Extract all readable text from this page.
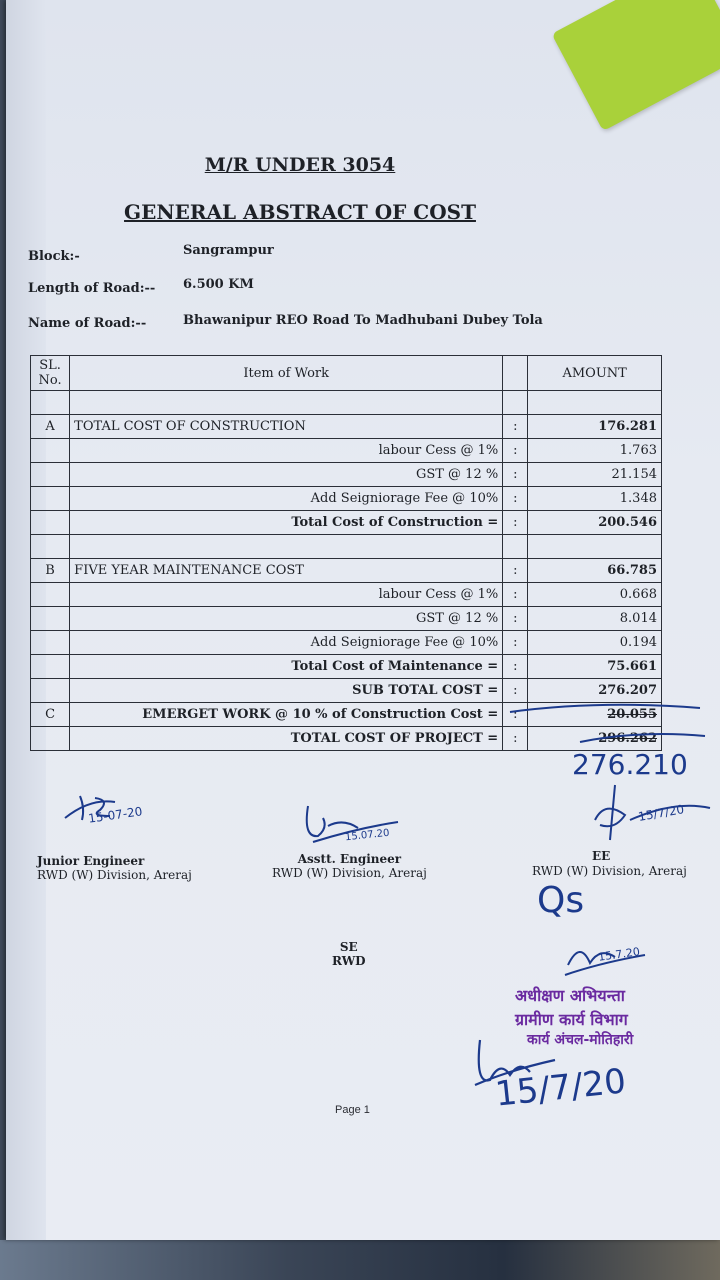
M/R UNDER 3054
GENERAL ABSTRACT OF COST
Block:-	Sangrampur
Length of Road:-- 6.500 KM
Name of Road:--	Bhawanipur REO Road To Madhubani Dubey Tola
SL. No.	Item of Work		AMOUNT

A	TOTAL COST OF CONSTRUCTION	:	176.281
	labour Cess @ 1%	:	1.763
	GST @ 12 %	:	21.154
	Add Seigniorage Fee @ 10%	:	1.348
	Total Cost of Construction =	:	200.546

B	FIVE YEAR MAINTENANCE COST	:	66.785
	labour Cess @ 1%	:	0.668
	GST @ 12 %	:	8.014
	Add Seigniorage Fee @ 10%	:	0.194
	Total Cost of Maintenance =	:	75.661
	SUB TOTAL COST =	:	276.207
C	EMERGET WORK @ 10 % of Construction Cost =	:	20.055
	TOTAL COST OF PROJECT =	:	296.262
276.210
15-07-20
Junior Engineer
RWD (W) Division, Areraj
15.07.20
Asstt. Engineer
RWD (W) Division, Areraj
15/7/20
EE
RWD (W) Division, Areraj
Qs
SE
RWD	15.7.20
अधीक्षण अभियन्ता
ग्रामीण कार्य विभाग
कार्य अंचल-मोतिहारी
15/7/20
Page 1
